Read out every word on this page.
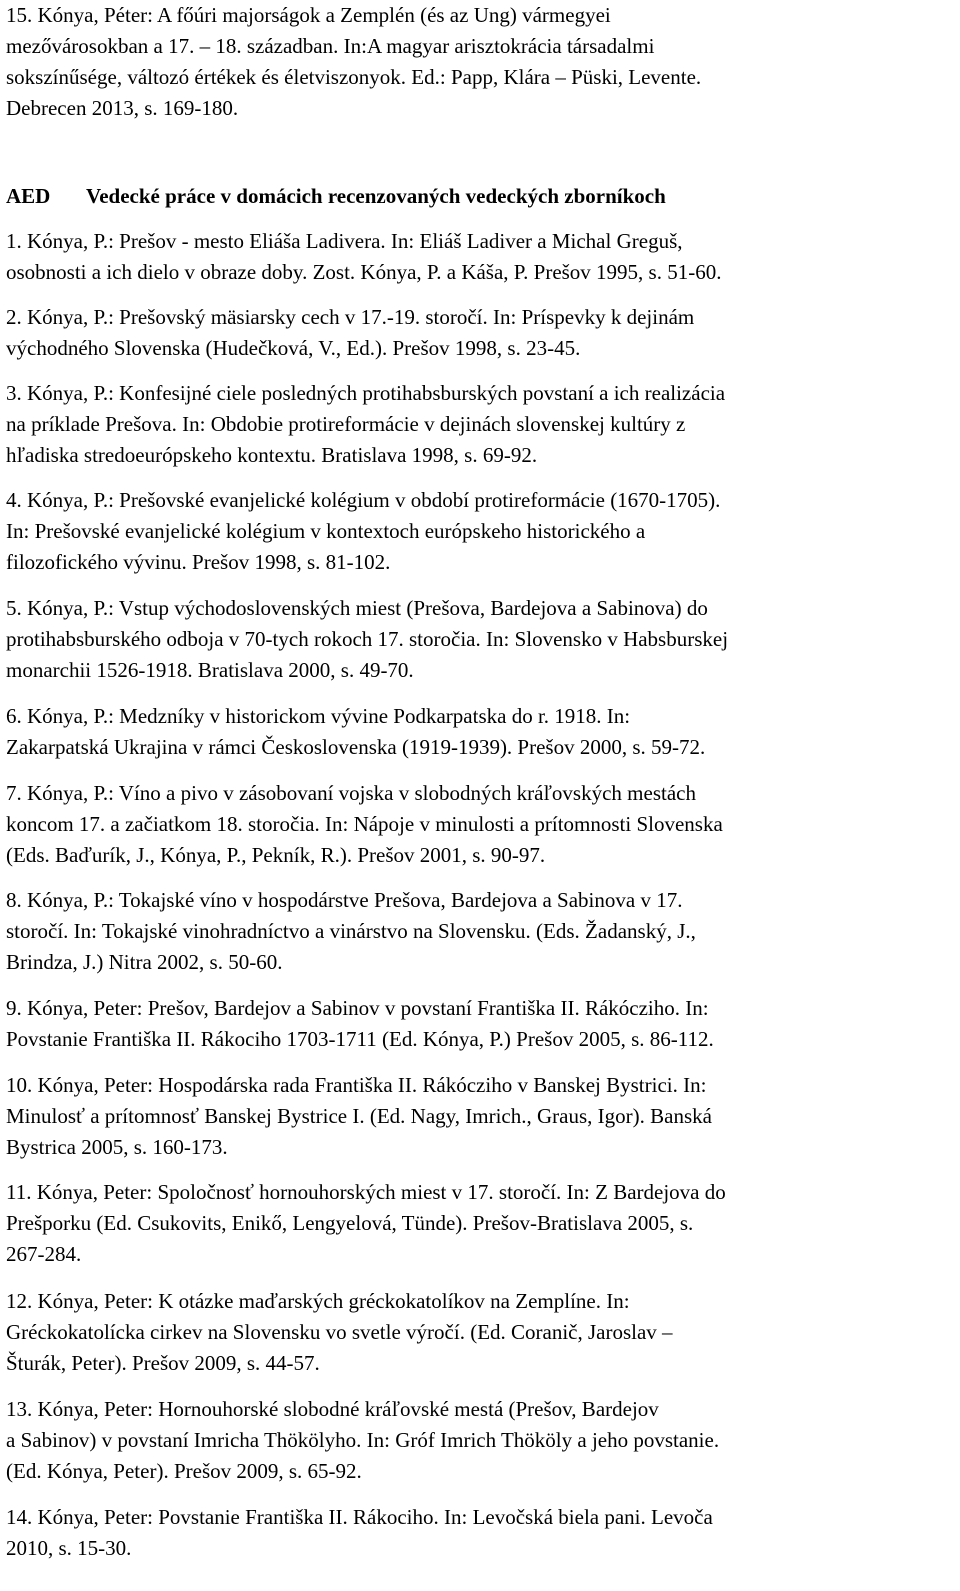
15. Kónya, Péter: A főúri majorságok a Zemplén (és az Ung) vármegyei
mezővárosokban a 17. – 18. században. In:A magyar arisztokrácia társadalmi
sokszínűsége, változó értékek és életviszonyok. Ed.: Papp, Klára – Püski, Levente.
Debrecen 2013, s. 169-180.
AED Vedecké práce v domácich recenzovaných vedeckých zborníkoch
1. Kónya, P.: Prešov - mesto Eliáša Ladivera. In: Eliáš Ladiver a Michal Greguš,
osobnosti a ich dielo v obraze doby. Zost. Kónya, P. a Káša, P. Prešov 1995, s. 51-60.
2. Kónya, P.: Prešovský mäsiarsky cech v 17.-19. storočí. In: Príspevky k dejinám
východného Slovenska (Hudečková, V., Ed.). Prešov 1998, s. 23-45.
3. Kónya, P.: Konfesijné ciele posledných protihabsburských povstaní a ich realizácia
na príklade Prešova. In: Obdobie protireformácie v dejinách slovenskej kultúry z
hľadiska stredoeurópskeho kontextu. Bratislava 1998, s. 69-92.
4. Kónya, P.: Prešovské evanjelické kolégium v období protireformácie (1670-1705).
In: Prešovské evanjelické kolégium v kontextoch európskeho historického a
filozofického vývinu. Prešov 1998, s. 81-102.
5. Kónya, P.: Vstup východoslovenských miest (Prešova, Bardejova a Sabinova) do
protihabsburského odboja v 70-tych rokoch 17. storočia. In: Slovensko v Habsburskej
monarchii 1526-1918. Bratislava 2000, s. 49-70.
6. Kónya, P.: Medzníky v historickom vývine Podkarpatska do r. 1918. In:
Zakarpatská Ukrajina v rámci Československa (1919-1939). Prešov 2000, s. 59-72.
7. Kónya, P.: Víno a pivo v zásobovaní vojska v slobodných kráľovských mestách
koncom 17. a začiatkom 18. storočia. In: Nápoje v minulosti a prítomnosti Slovenska
(Eds. Baďurík, J., Kónya, P., Pekník, R.). Prešov 2001, s. 90-97.
8. Kónya, P.: Tokajské víno v hospodárstve Prešova, Bardejova a Sabinova v 17.
storočí. In: Tokajské vinohradníctvo a vinárstvo na Slovensku. (Eds. Žadanský, J.,
Brindza, J.) Nitra 2002, s. 50-60.
9. Kónya, Peter: Prešov, Bardejov a Sabinov v povstaní Františka II. Rákócziho. In:
Povstanie Františka II. Rákociho 1703-1711 (Ed. Kónya, P.) Prešov 2005, s. 86-112.
10. Kónya, Peter: Hospodárska rada Františka II. Rákócziho v Banskej Bystrici. In:
Minulosť a prítomnosť Banskej Bystrice I. (Ed. Nagy, Imrich., Graus, Igor). Banská
Bystrica 2005, s. 160-173.
11. Kónya, Peter: Spoločnosť hornouhorských miest v 17. storočí. In: Z Bardejova do
Prešporku (Ed. Csukovits, Enikő, Lengyelová, Tünde). Prešov-Bratislava 2005, s.
267-284.
12. Kónya, Peter: K otázke maďarských gréckokatolíkov na Zemplíne. In:
Gréckokatolícka cirkev na Slovensku vo svetle výročí. (Ed. Coranič, Jaroslav –
Šturák, Peter). Prešov 2009, s. 44-57.
13. Kónya, Peter: Hornouhorské slobodné kráľovské mestá (Prešov, Bardejov
a Sabinov) v povstaní Imricha Thökölyho. In: Gróf Imrich Thököly a jeho povstanie.
(Ed. Kónya, Peter). Prešov 2009, s. 65-92.
14. Kónya, Peter: Povstanie Františka II. Rákociho. In: Levočská biela pani. Levoča
2010, s. 15-30.
